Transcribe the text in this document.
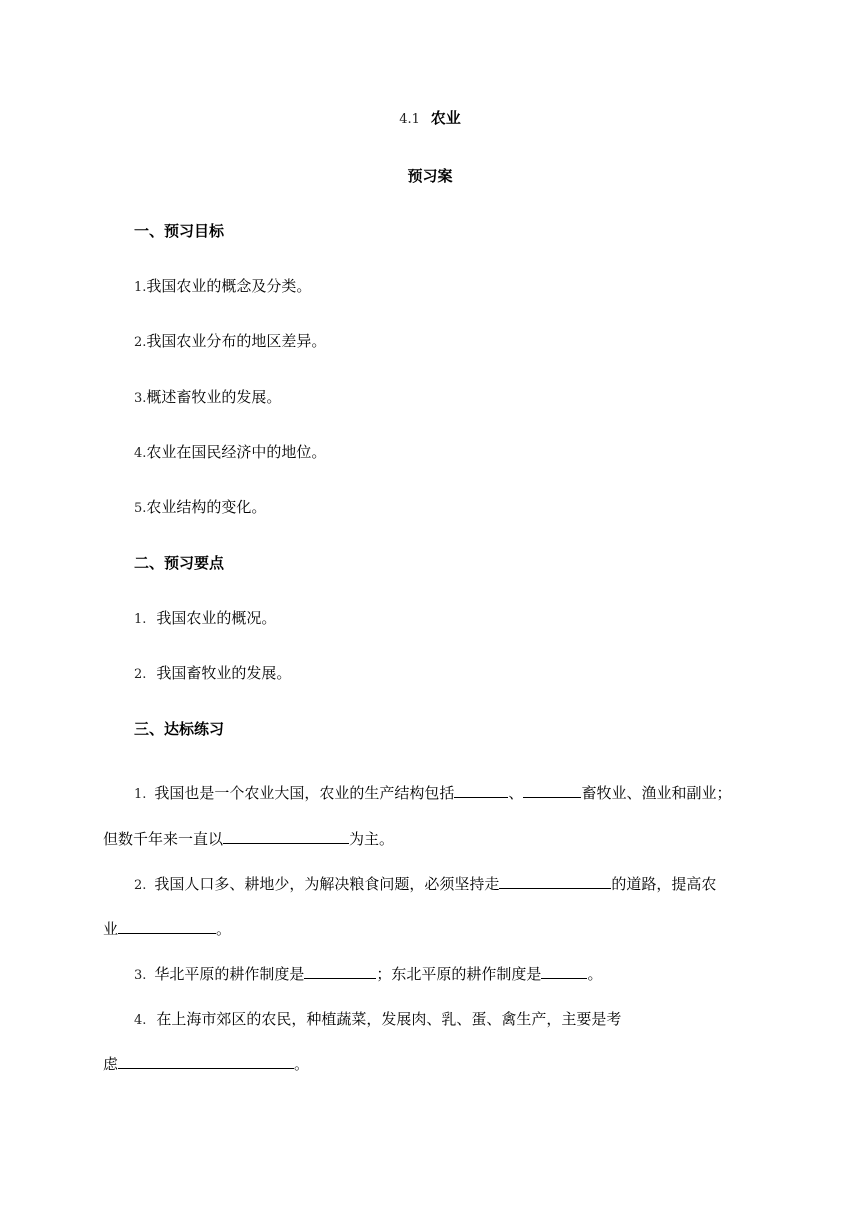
4.1 农业
预习案
一、预习目标
1.我国农业的概念及分类。
2.我国农业分布的地区差异。
3.概述畜牧业的发展。
4.农业在国民经济中的地位。
5.农业结构的变化。
二、预习要点
1. 我国农业的概况。
2. 我国畜牧业的发展。
三、达标练习
1. 我国也是一个农业大国，农业的生产结构包括	、	畜牧业、渔业和副业；
但数千年来一直以	为主。
2. 我国人口多、耕地少，为解决粮食问题，必须坚持走	的道路，提高农
业	。
3. 华北平原的耕作制度是	；东北平原的耕作制度是	。
4. 在上海市郊区的农民，种植蔬菜，发展肉、乳、蛋、禽生产，主要是考
虑	。
